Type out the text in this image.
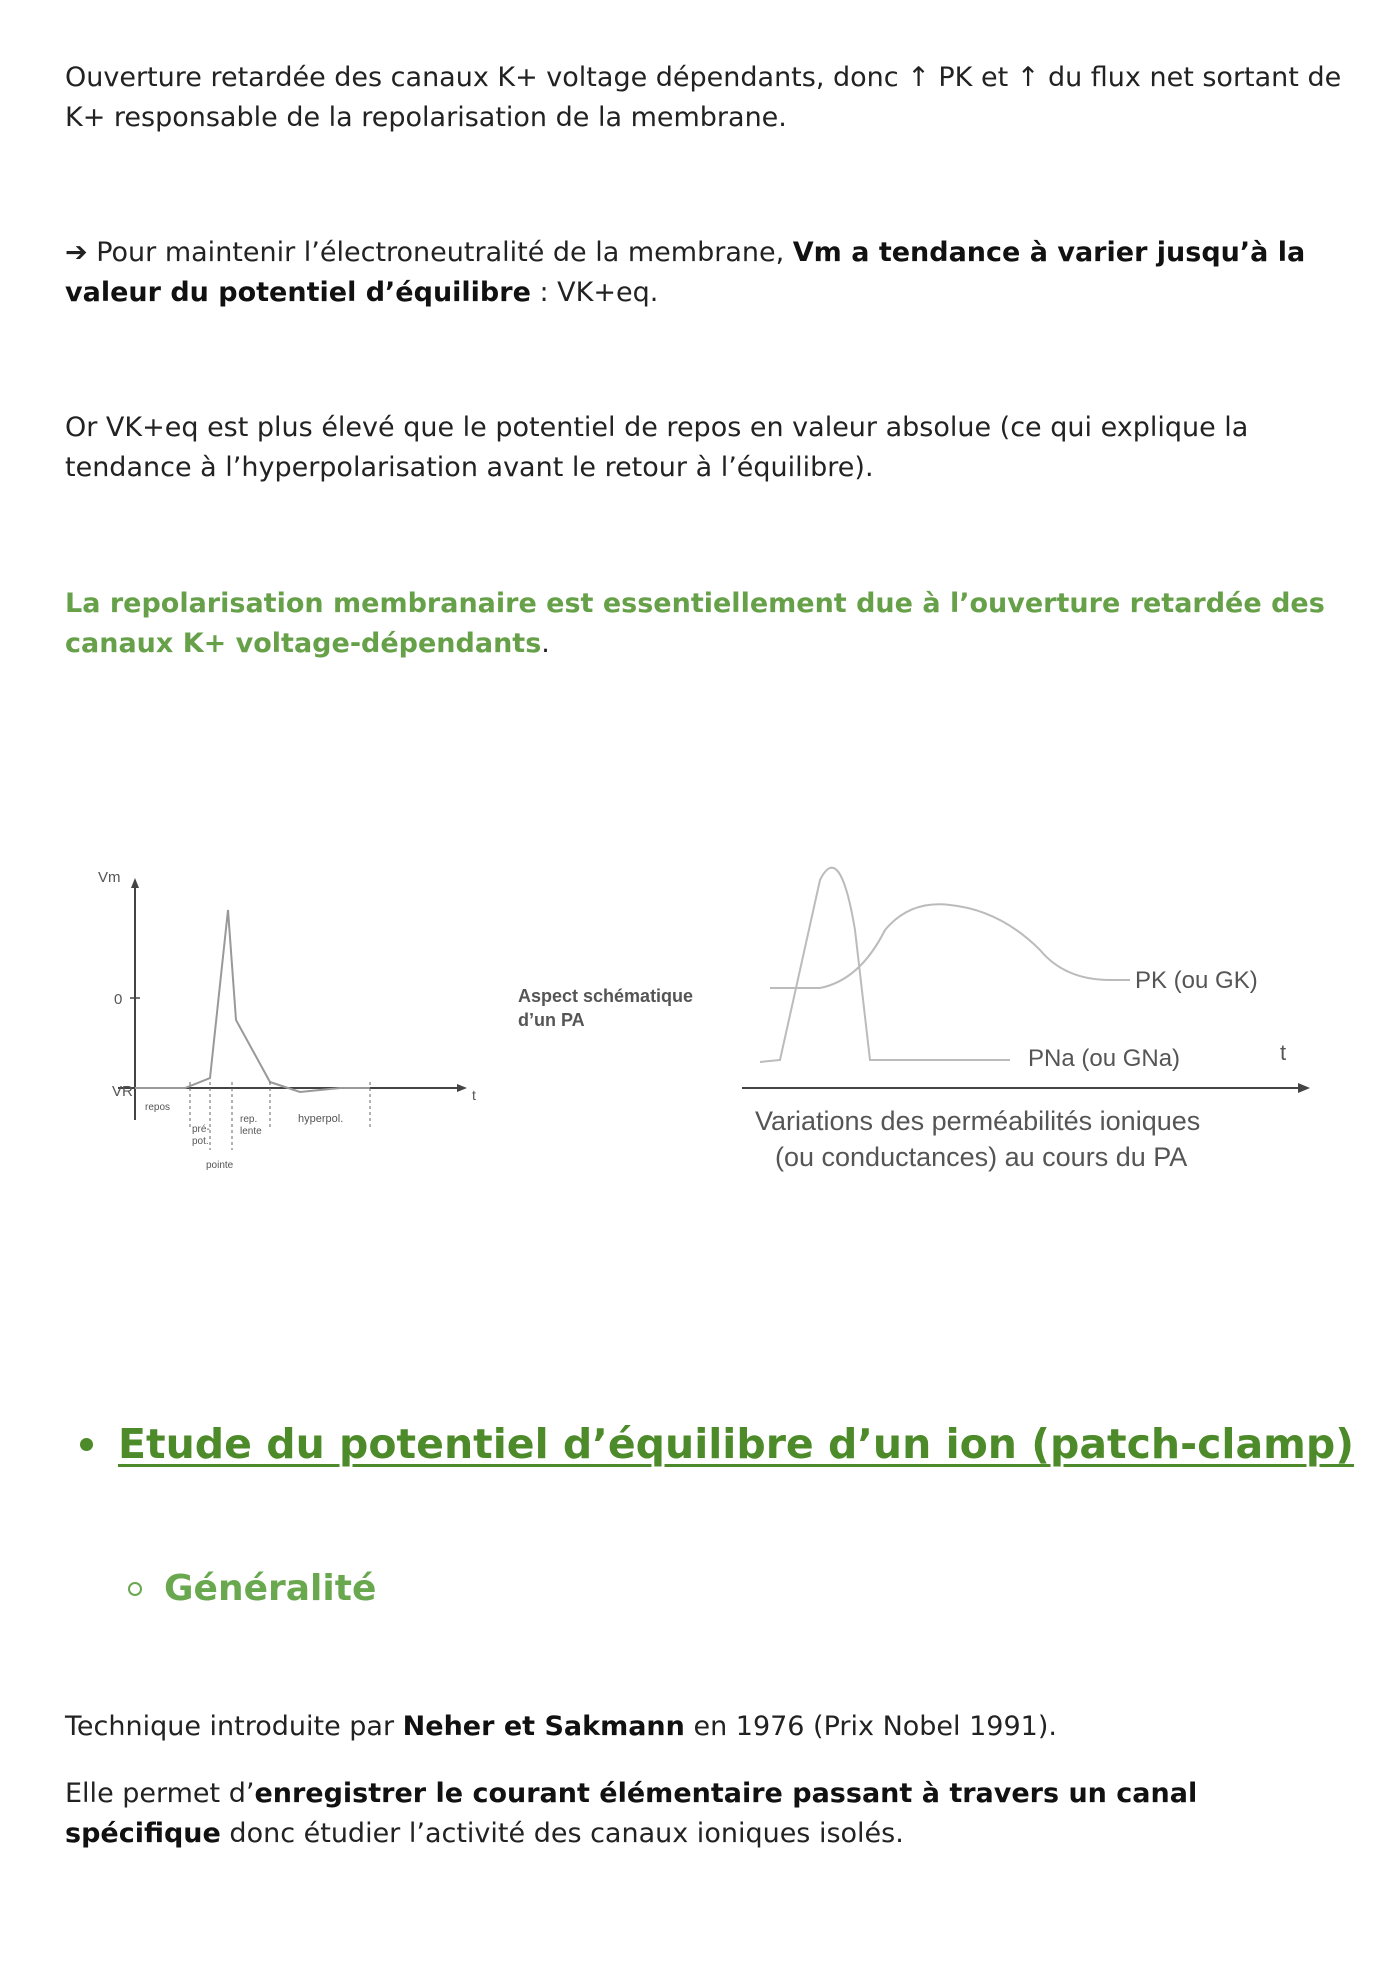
Ouverture retardée des canaux K+ voltage dépendants, donc ↑ PK et ↑ du flux net sortant de K+ responsable de la repolarisation de la membrane.

➔ Pour maintenir l’électroneutralité de la membrane, Vm a tendance à varier jusqu’à la valeur du potentiel d’équilibre : VK+eq.

Or VK+eq est plus élevé que le potentiel de repos en valeur absolue (ce qui explique la tendance à l’hyperpolarisation avant le retour à l’équilibre).

La repolarisation membranaire est essentiellement due à l’ouverture retardée des canaux K+ voltage-dépendants.

Vm
0
t
VR
repos
pré-
pot.
pointe
rep.
lente
hyperpol.
Aspect schématique
d’un PA
t
PK (ou GK)
PNa (ou GNa)
Variations des perméabilités ioniques
(ou conductances) au cours du PA
Etude du potentiel d’équilibre d’un ion (patch-clamp)
Généralité

Technique introduite par Neher et Sakmann en 1976 (Prix Nobel 1991).

Elle permet d’enregistrer le courant élémentaire passant à travers un canal spécifique donc étudier l’activité des canaux ioniques isolés.
